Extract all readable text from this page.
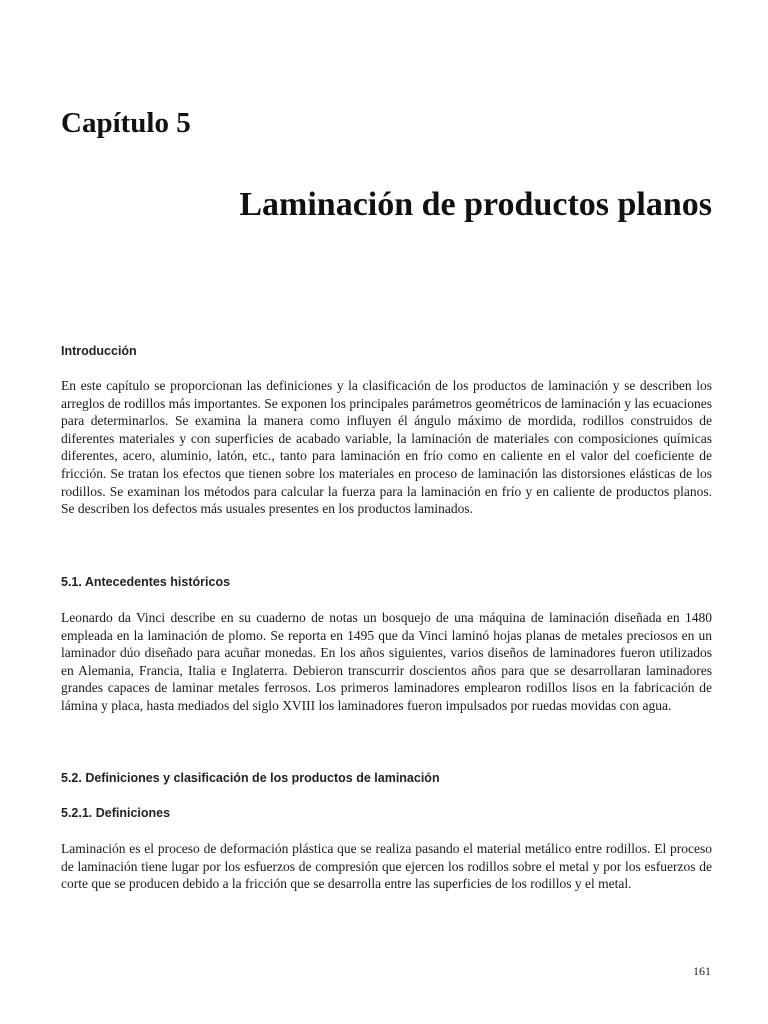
Capítulo 5
Laminación de productos planos
Introducción

En este capítulo se proporcionan las definiciones y la clasificación de los productos de laminación y se describen los arreglos de rodillos más importantes. Se exponen los principales parámetros geométricos de laminación y las ecuaciones para determinarlos. Se examina la manera como influyen él ángulo máximo de mordida, rodillos construidos de diferentes materiales y con superficies de acabado variable, la laminación de materiales con composiciones químicas diferentes, acero, aluminio, latón, etc., tanto para laminación en frío como en caliente en el valor del coeficiente de fricción. Se tratan los efectos que tienen sobre los materiales en proceso de laminación las distorsiones elásticas de los rodillos. Se examinan los métodos para calcular la fuerza para la laminación en frío y en caliente de productos planos. Se describen los defectos más usuales presentes en los productos laminados.

5.1. Antecedentes históricos

Leonardo da Vinci describe en su cuaderno de notas un bosquejo de una máquina de laminación diseñada en 1480 empleada en la laminación de plomo. Se reporta en 1495 que da Vinci laminó hojas planas de metales preciosos en un laminador dúo diseñado para acuñar monedas. En los años siguientes, varios diseños de laminadores fueron utilizados en Alemania, Francia, Italia e Inglaterra. Debieron transcurrir doscientos años para que se desarrollaran laminadores grandes capaces de laminar metales ferrosos. Los primeros laminadores emplearon rodillos lisos en la fabricación de lámina y placa, hasta mediados del siglo XVIII los laminadores fueron impulsados por ruedas movidas con agua.

5.2. Definiciones y clasificación de los productos de laminación
5.2.1. Definiciones

Laminación es el proceso de deformación plástica que se realiza pasando el material metálico entre rodillos. El proceso de laminación tiene lugar por los esfuerzos de compresión que ejercen los rodillos sobre el metal y por los esfuerzos de corte que se producen debido a la fricción que se desarrolla entre las superficies de los rodillos y el metal.

161
